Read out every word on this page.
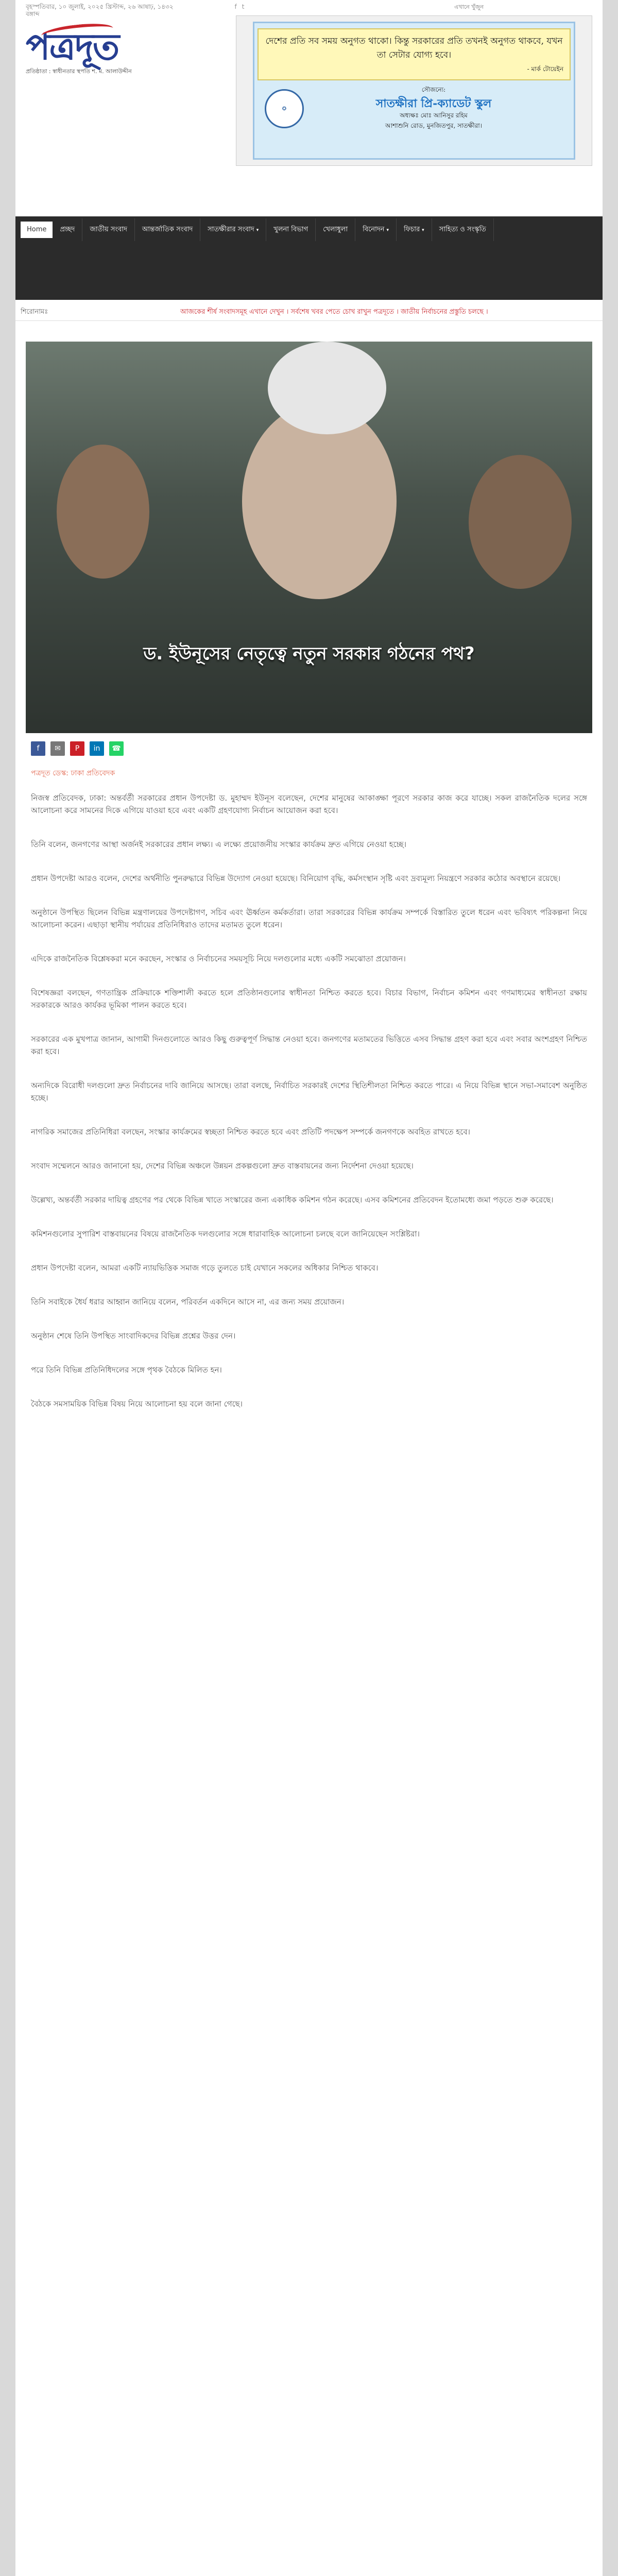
বৃহস্পতিবার, ১০ জুলাই, ২০২৫ খ্রিস্টাব্দ, ২৬ আষাঢ়, ১৪৩২ বঙ্গাব্দ
f t
এখানে খুঁজুন
পত্রদূত
প্রতিষ্ঠাতা : স্বাধীনতার স্থপতি শ. ম. আলাউদ্দীন
দেশের প্রতি সব সময় অনুগত থাকো। কিন্তু সরকারের প্রতি তখনই অনুগত থাকবে, যখন তা সেটার যোগ্য হবে।
- মার্ক টোয়েইন
✪
সৌজন্যে:
সাতক্ষীরা প্রি-ক্যাডেট স্কুল
অধ্যক্ষঃ মোঃ আনিসুর রহিম
আশাশুনি রোড, মুনজিতপুর, সাতক্ষীরা।
Home	প্রচ্ছদ	জাতীয় সংবাদ	আন্তর্জাতিক সংবাদ	সাতক্ষীরার সংবাদ ▾	খুলনা বিভাগ	খেলাধুলা	বিনোদন ▾	ফিচার ▾	সাহিত্য ও সংস্কৃতি
শিরোনামঃ	আজকের শীর্ষ সংবাদসমূহ এখানে দেখুন । সর্বশেষ খবর পেতে চোখ রাখুন পত্রদূতে । জাতীয় নির্বাচনের প্রস্তুতি চলছে ।
ড. ইউনূসের নেতৃত্বে নতুন সরকার গঠনের পথ?
f	✉	P	in	☎
পত্রদূত ডেস্ক: ঢাকা প্রতিবেদক

নিজস্ব প্রতিবেদক, ঢাকা: অন্তর্বর্তী সরকারের প্রধান উপদেষ্টা ড. মুহাম্মদ ইউনূস বলেছেন, দেশের মানুষের আকাঙ্ক্ষা পূরণে সরকার কাজ করে যাচ্ছে। সকল রাজনৈতিক দলের সঙ্গে আলোচনা করে সামনের দিকে এগিয়ে যাওয়া হবে এবং একটি গ্রহণযোগ্য নির্বাচন আয়োজন করা হবে।

তিনি বলেন, জনগণের আস্থা অর্জনই সরকারের প্রধান লক্ষ্য। এ লক্ষ্যে প্রয়োজনীয় সংস্কার কার্যক্রম দ্রুত এগিয়ে নেওয়া হচ্ছে।

প্রধান উপদেষ্টা আরও বলেন, দেশের অর্থনীতি পুনরুদ্ধারে বিভিন্ন উদ্যোগ নেওয়া হয়েছে। বিনিয়োগ বৃদ্ধি, কর্মসংস্থান সৃষ্টি এবং দ্রব্যমূল্য নিয়ন্ত্রণে সরকার কঠোর অবস্থানে রয়েছে।

অনুষ্ঠানে উপস্থিত ছিলেন বিভিন্ন মন্ত্রণালয়ের উপদেষ্টাগণ, সচিব এবং ঊর্ধ্বতন কর্মকর্তারা। তারা সরকারের বিভিন্ন কার্যক্রম সম্পর্কে বিস্তারিত তুলে ধরেন এবং ভবিষ্যৎ পরিকল্পনা নিয়ে আলোচনা করেন। এছাড়া স্থানীয় পর্যায়ের প্রতিনিধিরাও তাদের মতামত তুলে ধরেন।

এদিকে রাজনৈতিক বিশ্লেষকরা মনে করছেন, সংস্কার ও নির্বাচনের সময়সূচি নিয়ে দলগুলোর মধ্যে একটি সমঝোতা প্রয়োজন।

বিশেষজ্ঞরা বলছেন, গণতান্ত্রিক প্রক্রিয়াকে শক্তিশালী করতে হলে প্রতিষ্ঠানগুলোর স্বাধীনতা নিশ্চিত করতে হবে। বিচার বিভাগ, নির্বাচন কমিশন এবং গণমাধ্যমের স্বাধীনতা রক্ষায় সরকারকে আরও কার্যকর ভূমিকা পালন করতে হবে।

সরকারের এক মুখপাত্র জানান, আগামী দিনগুলোতে আরও কিছু গুরুত্বপূর্ণ সিদ্ধান্ত নেওয়া হবে। জনগণের মতামতের ভিত্তিতে এসব সিদ্ধান্ত গ্রহণ করা হবে এবং সবার অংশগ্রহণ নিশ্চিত করা হবে।

অন্যদিকে বিরোধী দলগুলো দ্রুত নির্বাচনের দাবি জানিয়ে আসছে। তারা বলছে, নির্বাচিত সরকারই দেশের স্থিতিশীলতা নিশ্চিত করতে পারে। এ নিয়ে বিভিন্ন স্থানে সভা-সমাবেশ অনুষ্ঠিত হচ্ছে।

নাগরিক সমাজের প্রতিনিধিরা বলছেন, সংস্কার কার্যক্রমের স্বচ্ছতা নিশ্চিত করতে হবে এবং প্রতিটি পদক্ষেপ সম্পর্কে জনগণকে অবহিত রাখতে হবে।

সংবাদ সম্মেলনে আরও জানানো হয়, দেশের বিভিন্ন অঞ্চলে উন্নয়ন প্রকল্পগুলো দ্রুত বাস্তবায়নের জন্য নির্দেশনা দেওয়া হয়েছে।

উল্লেখ্য, অন্তর্বর্তী সরকার দায়িত্ব গ্রহণের পর থেকে বিভিন্ন খাতে সংস্কারের জন্য একাধিক কমিশন গঠন করেছে। এসব কমিশনের প্রতিবেদন ইতোমধ্যে জমা পড়তে শুরু করেছে।

কমিশনগুলোর সুপারিশ বাস্তবায়নের বিষয়ে রাজনৈতিক দলগুলোর সঙ্গে ধারাবাহিক আলোচনা চলছে বলে জানিয়েছেন সংশ্লিষ্টরা।

প্রধান উপদেষ্টা বলেন, আমরা একটি ন্যায়ভিত্তিক সমাজ গড়ে তুলতে চাই যেখানে সকলের অধিকার নিশ্চিত থাকবে।

তিনি সবাইকে ধৈর্য ধরার আহ্বান জানিয়ে বলেন, পরিবর্তন একদিনে আসে না, এর জন্য সময় প্রয়োজন।

অনুষ্ঠান শেষে তিনি উপস্থিত সাংবাদিকদের বিভিন্ন প্রশ্নের উত্তর দেন।

পরে তিনি বিভিন্ন প্রতিনিধিদলের সঙ্গে পৃথক বৈঠকে মিলিত হন।

বৈঠকে সমসাময়িক বিভিন্ন বিষয় নিয়ে আলোচনা হয় বলে জানা গেছে।
